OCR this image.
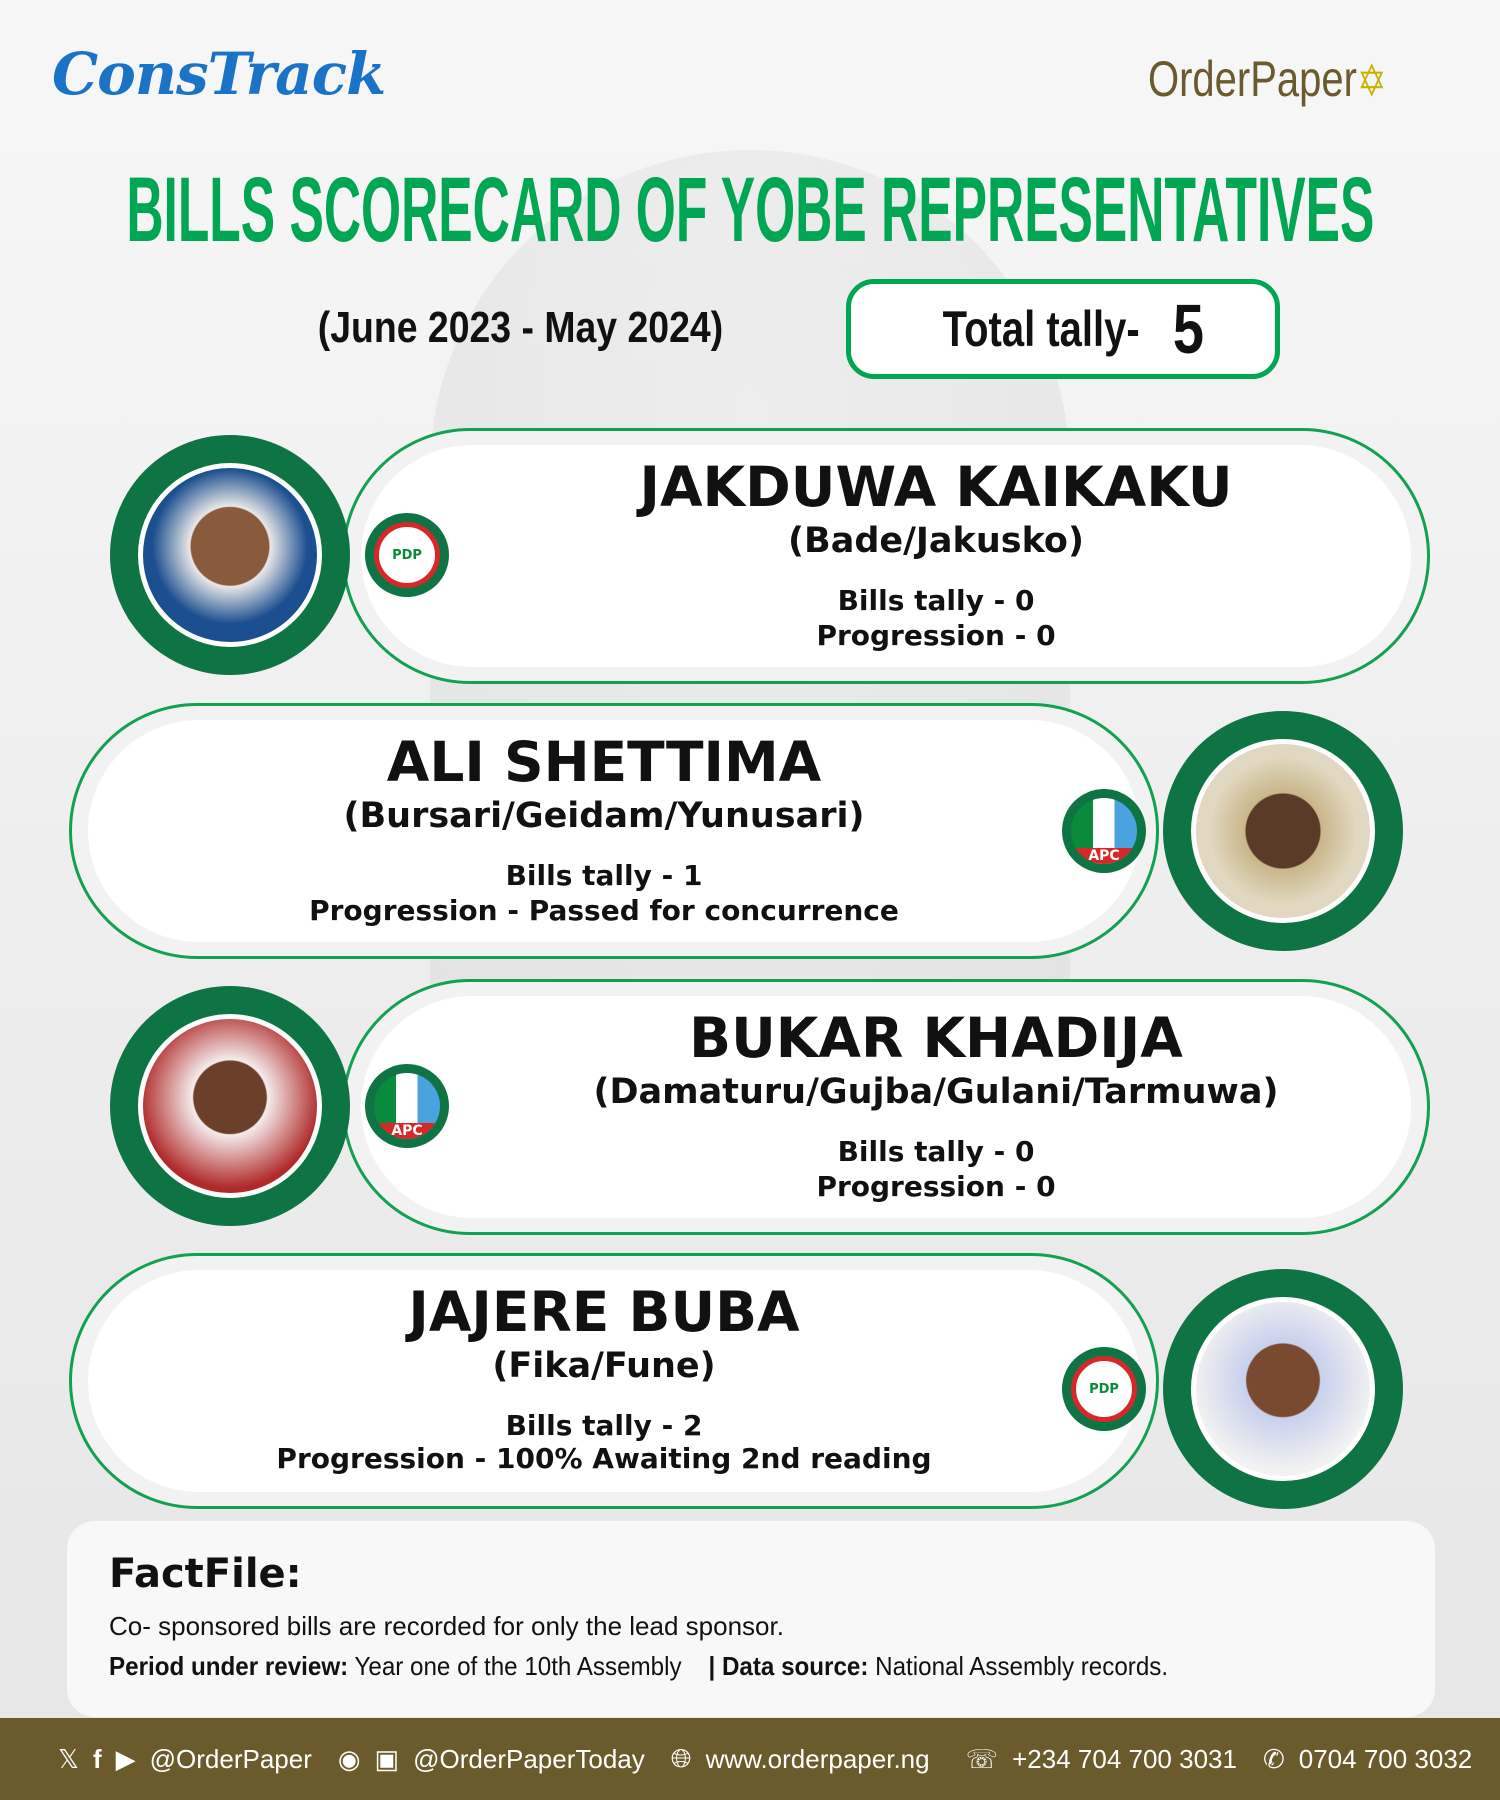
ConsTrack	OrderPaper✡
BILLS SCORECARD OF YOBE REPRESENTATIVES
(June 2023 - May 2024)	Total tally- 5
JAKDUWA KAIKAKU
(Bade/Jakusko)
Bills tally - 0
Progression - 0
PDP
ALI SHETTIMA
(Bursari/Geidam/Yunusari)
Bills tally - 1
Progression - Passed for concurrence
APC
BUKAR KHADIJA
(Damaturu/Gujba/Gulani/Tarmuwa)
Bills tally - 0
Progression - 0
APC
JAJERE BUBA
(Fika/Fune)
Bills tally - 2
Progression - 100% Awaiting 2nd reading
PDP
FactFile:
Co- sponsored bills are recorded for only the lead sponsor.
Period under review: Year one of the 10th Assembly | Data source: National Assembly records.
𝕏 f ▶ @OrderPaper ◉ ▣ @OrderPaperToday 🌐︎ www.orderpaper.ng ☏ +234 704 700 3031 ✆ 0704 700 3032
